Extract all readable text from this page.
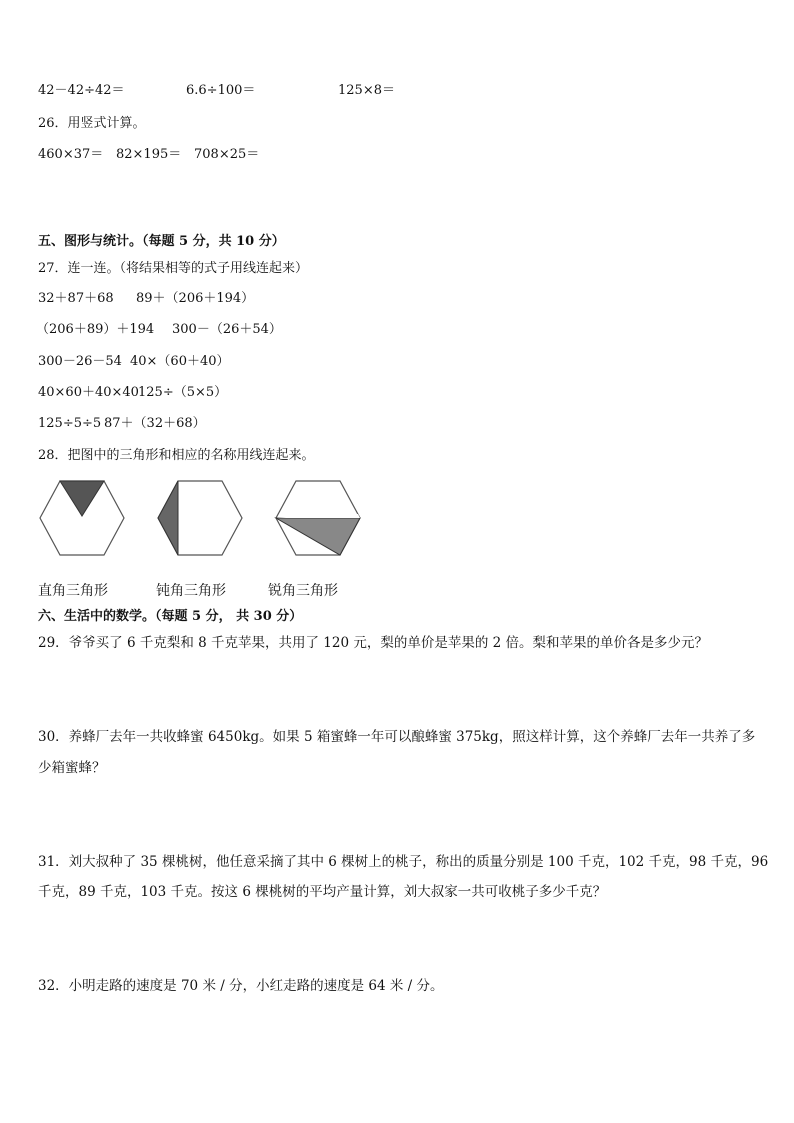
42－42÷42＝	6.6÷100＝	125×8＝
26．用竖式计算。
460×37＝ 82×195＝ 708×25＝
五、图形与统计。（每题 5 分，共 10 分）
27．连一连。（将结果相等的式子用线连起来）
32＋87＋68 89＋（206＋194）
（206＋89）＋194 300－（26＋54）
300－26－54 40×（60＋40）
40×60＋40×40 125÷（5×5）
125÷5÷5 87＋（32＋68）
28．把图中的三角形和相应的名称用线连起来。
直角三角形	钝角三角形	锐角三角形
六、生活中的数学。（每题 5 分， 共 30 分）
29．爷爷买了 6 千克梨和 8 千克苹果，共用了 120 元，梨的单价是苹果的 2 倍。梨和苹果的单价各是多少元？
30．养蜂厂去年一共收蜂蜜 6450kg。如果 5 箱蜜蜂一年可以酿蜂蜜 375kg，照这样计算，这个养蜂厂去年一共养了多
少箱蜜蜂？
31．刘大叔种了 35 棵桃树，他任意采摘了其中 6 棵树上的桃子，称出的质量分别是 100 千克，102 千克，98 千克，96
千克，89 千克，103 千克。按这 6 棵桃树的平均产量计算，刘大叔家一共可收桃子多少千克？
32．小明走路的速度是 70 米 / 分，小红走路的速度是 64 米 / 分。
